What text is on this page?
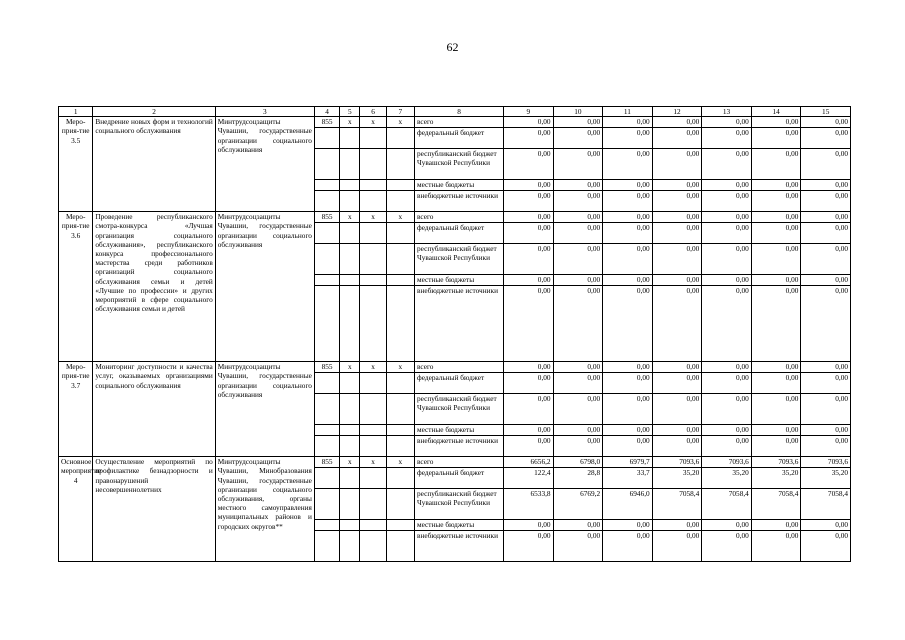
62
1	2	3	4	5	6	7	8	9	10	11	12	13	14	15

Меро-прия-тие 3.5	Внедрение новых форм и технологий социального обслуживания	Минтрудсоцзащиты Чувашии, государственные организации социального обслуживания	855	x	x	x	всего	0,00	0,00	0,00	0,00	0,00	0,00	0,00
							федеральный бюджет	0,00	0,00	0,00	0,00	0,00	0,00	0,00
							республиканский бюджет Чувашской Республики	0,00	0,00	0,00	0,00	0,00	0,00	0,00
							местные бюджеты	0,00	0,00	0,00	0,00	0,00	0,00	0,00
							внебюджетные источники	0,00	0,00	0,00	0,00	0,00	0,00	0,00

Меро-прия-тие 3.6	Проведение республиканского смотра-конкурса «Лучшая организация социального обслуживания», республиканского конкурса профессионального мастерства среди работников организаций социального обслуживания семьи и детей «Лучшие по профессии» и других мероприятий в сфере социального обслуживания семьи и детей	Минтрудсоцзащиты Чувашии, государственные организации социального обслуживания	855	x	x	x	всего	0,00	0,00	0,00	0,00	0,00	0,00	0,00
							федеральный бюджет	0,00	0,00	0,00	0,00	0,00	0,00	0,00
							республиканский бюджет Чувашской Республики	0,00	0,00	0,00	0,00	0,00	0,00	0,00
							местные бюджеты	0,00	0,00	0,00	0,00	0,00	0,00	0,00
							внебюджетные источники	0,00	0,00	0,00	0,00	0,00	0,00	0,00

Меро-прия-тие 3.7	Мониторинг доступности и качества услуг, оказываемых организациями социального обслуживания	Минтрудсоцзащиты Чувашии, государственные организации социального обслуживания	855	x	x	x	всего	0,00	0,00	0,00	0,00	0,00	0,00	0,00
							федеральный бюджет	0,00	0,00	0,00	0,00	0,00	0,00	0,00
							республиканский бюджет Чувашской Республики	0,00	0,00	0,00	0,00	0,00	0,00	0,00
							местные бюджеты	0,00	0,00	0,00	0,00	0,00	0,00	0,00
							внебюджетные источники	0,00	0,00	0,00	0,00	0,00	0,00	0,00

Основное мероприятие 4	Осуществление мероприятий по профилактике безнадзорности и правонарушений несовершеннолетних	Минтрудсоцзащиты Чувашии, Минобразования Чувашии, государственные организации социального обслуживания, органы местного самоуправления муниципальных районов и городских округов**	855	x	x	x	всего	6656,2	6798,0	6979,7	7093,6	7093,6	7093,6	7093,6
							федеральный бюджет	122,4	28,8	33,7	35,20	35,20	35,20	35,20
							республиканский бюджет Чувашской Республики	6533,8	6769,2	6946,0	7058,4	7058,4	7058,4	7058,4
							местные бюджеты	0,00	0,00	0,00	0,00	0,00	0,00	0,00
							внебюджетные источники	0,00	0,00	0,00	0,00	0,00	0,00	0,00
